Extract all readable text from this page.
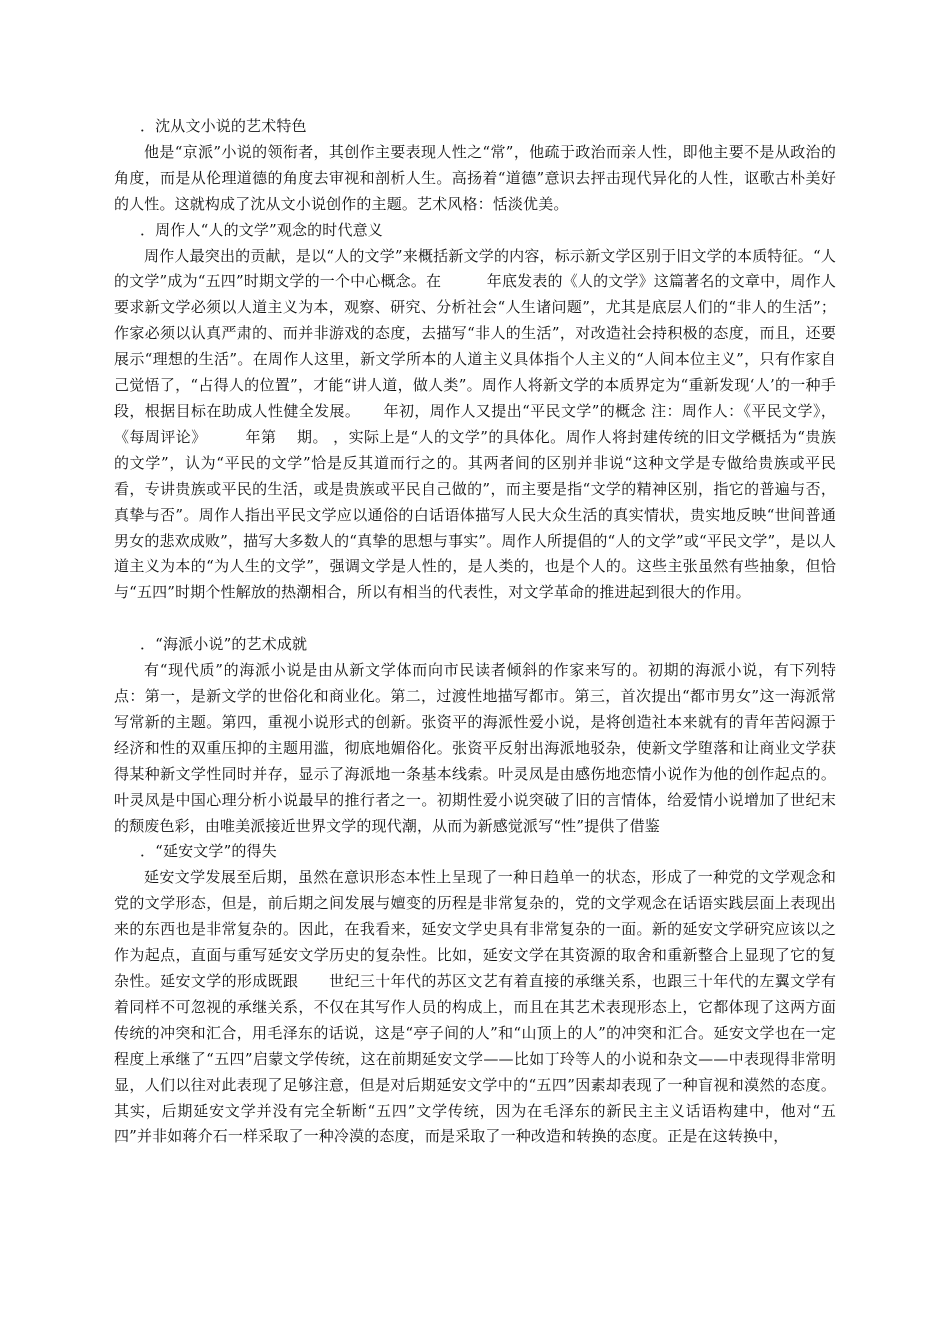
．沈从文小说的艺术特色

他是“京派”小说的领衔者，其创作主要表现人性之“常”，他疏于政治而亲人性，即他主要不是从政治的角度，而是从伦理道德的角度去审视和剖析人生。高扬着“道德”意识去抨击现代异化的人性，讴歌古朴美好的人性。这就构成了沈从文小说创作的主题。艺术风格：恬淡优美。

．周作人“人的文学”观念的时代意义

周作人最突出的贡献，是以“人的文学”来概括新文学的内容，标示新文学区别于旧文学的本质特征。“人的文学”成为“五四”时期文学的一个中心概念。在　　　年底发表的《人的文学》这篇著名的文章中，周作人要求新文学必须以人道主义为本，观察、研究、分析社会“人生诸问题”，尤其是底层人们的“非人的生活”；作家必须以认真严肃的、而并非游戏的态度，去描写“非人的生活”，对改造社会持积极的态度，而且，还要展示“理想的生活”。在周作人这里，新文学所本的人道主义具体指个人主义的“人间本位主义”，只有作家自己觉悟了，“占得人的位置”，才能“讲人道，做人类”。周作人将新文学的本质界定为“重新发现‘人’的一种手段，根据目标在助成人性健全发展。　　年初，周作人又提出“平民文学”的概念 注：周作人：《平民文学》，《每周评论》　　　年第　 期。 ，实际上是“人的文学”的具体化。周作人将封建传统的旧文学概括为“贵族的文学”，认为“平民的文学”恰是反其道而行之的。其两者间的区别并非说“这种文学是专做给贵族或平民看，专讲贵族或平民的生活，或是贵族或平民自己做的”，而主要是指“文学的精神区别，指它的普遍与否，真挚与否”。周作人指出平民文学应以通俗的白话语体描写人民大众生活的真实情状，贵实地反映“世间普通男女的悲欢成败”，描写大多数人的“真挚的思想与事实”。周作人所提倡的“人的文学”或“平民文学”，是以人道主义为本的“为人生的文学”，强调文学是人性的，是人类的，也是个人的。这些主张虽然有些抽象，但恰与“五四”时期个性解放的热潮相合，所以有相当的代表性，对文学革命的推进起到很大的作用。

．“海派小说”的艺术成就

有“现代质”的海派小说是由从新文学体而向市民读者倾斜的作家来写的。初期的海派小说，有下列特点：第一，是新文学的世俗化和商业化。第二，过渡性地描写都市。第三，首次提出“都市男女”这一海派常写常新的主题。第四，重视小说形式的创新。张资平的海派性爱小说，是将创造社本来就有的青年苦闷源于经济和性的双重压抑的主题用滥，彻底地媚俗化。张资平反射出海派地驳杂，使新文学堕落和让商业文学获得某种新文学性同时并存，显示了海派地一条基本线索。叶灵凤是由感伤地恋情小说作为他的创作起点的。叶灵凤是中国心理分析小说最早的推行者之一。初期性爱小说突破了旧的言情体，给爱情小说增加了世纪末的颓废色彩，由唯美派接近世界文学的现代潮，从而为新感觉派写“性”提供了借鉴

．“延安文学”的得失

延安文学发展至后期，虽然在意识形态本性上呈现了一种日趋单一的状态，形成了一种党的文学观念和党的文学形态，但是，前后期之间发展与嬗变的历程是非常复杂的，党的文学观念在话语实践层面上表现出来的东西也是非常复杂的。因此，在我看来，延安文学史具有非常复杂的一面。新的延安文学研究应该以之作为起点，直面与重写延安文学历史的复杂性。比如，延安文学在其资源的取舍和重新整合上显现了它的复杂性。延安文学的形成既跟　　世纪三十年代的苏区文艺有着直接的承继关系，也跟三十年代的左翼文学有着同样不可忽视的承继关系，不仅在其写作人员的构成上，而且在其艺术表现形态上，它都体现了这两方面传统的冲突和汇合，用毛泽东的话说，这是“亭子间的人”和“山顶上的人”的冲突和汇合。延安文学也在一定程度上承继了“五四”启蒙文学传统，这在前期延安文学——比如丁玲等人的小说和杂文——中表现得非常明显，人们以往对此表现了足够注意，但是对后期延安文学中的“五四”因素却表现了一种盲视和漠然的态度。其实，后期延安文学并没有完全斩断“五四”文学传统，因为在毛泽东的新民主主义话语构建中，他对“五四”并非如蒋介石一样采取了一种冷漠的态度，而是采取了一种改造和转换的态度。正是在这转换中，
